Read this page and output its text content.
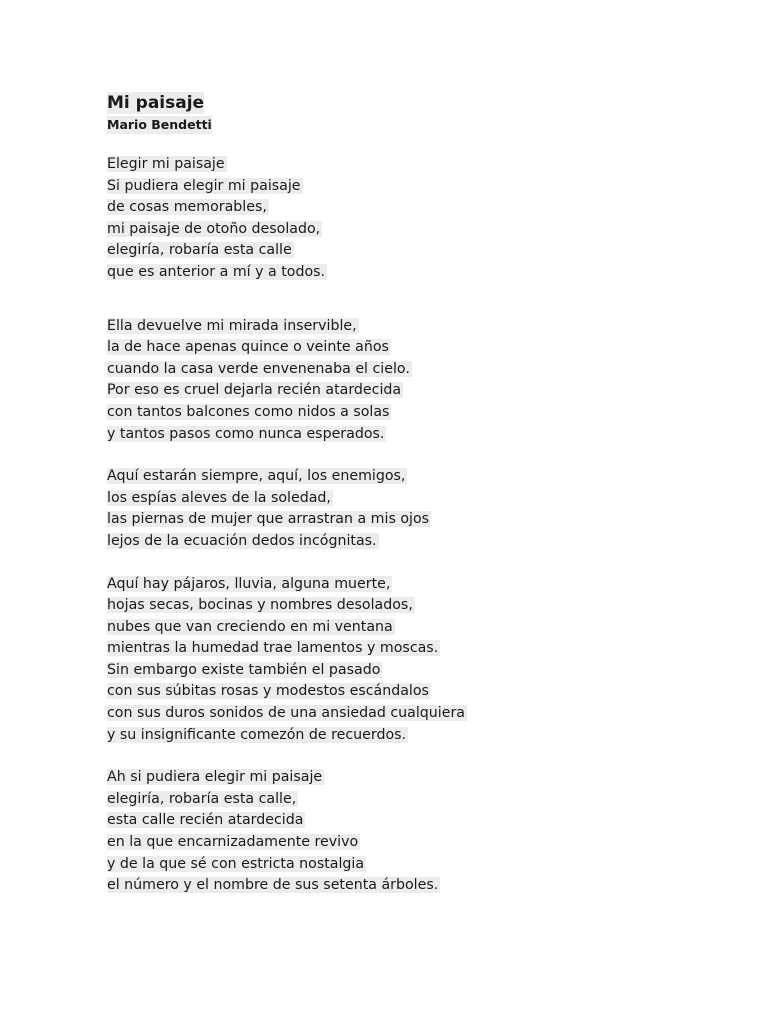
Mi paisaje
Mario Bendetti
Elegir mi paisaje
Si pudiera elegir mi paisaje
de cosas memorables,
mi paisaje de otoño desolado,
elegiría, robaría esta calle
que es anterior a mí y a todos.
Ella devuelve mi mirada inservible,
la de hace apenas quince o veinte años
cuando la casa verde envenenaba el cielo.
Por eso es cruel dejarla recién atardecida
con tantos balcones como nidos a solas
y tantos pasos como nunca esperados.
Aquí estarán siempre, aquí, los enemigos,
los espías aleves de la soledad,
las piernas de mujer que arrastran a mis ojos
lejos de la ecuación dedos incógnitas.
Aquí hay pájaros, lluvia, alguna muerte,
hojas secas, bocinas y nombres desolados,
nubes que van creciendo en mi ventana
mientras la humedad trae lamentos y moscas.
Sin embargo existe también el pasado
con sus súbitas rosas y modestos escándalos
con sus duros sonidos de una ansiedad cualquiera
y su insignificante comezón de recuerdos.
Ah si pudiera elegir mi paisaje
elegiría, robaría esta calle,
esta calle recién atardecida
en la que encarnizadamente revivo
y de la que sé con estricta nostalgia
el número y el nombre de sus setenta árboles.
